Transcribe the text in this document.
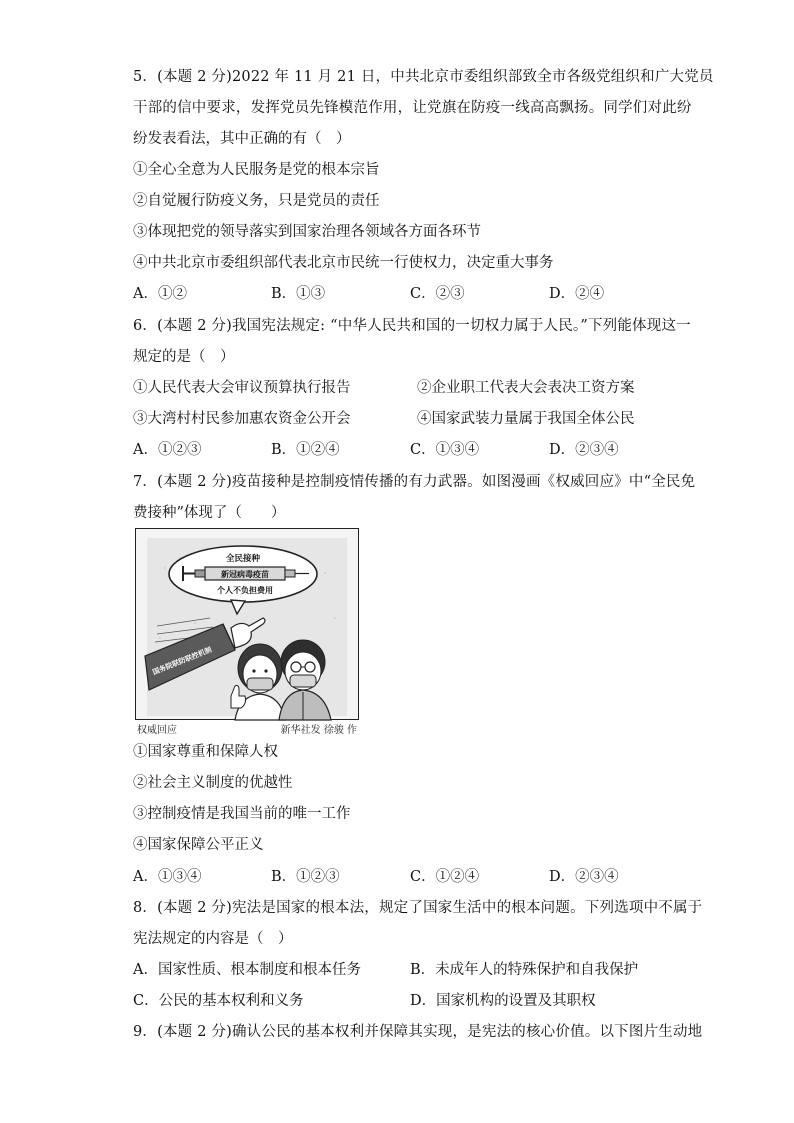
5．(本题 2 分)2022 年 11 月 21 日，中共北京市委组织部致全市各级党组织和广大党员
干部的信中要求，发挥党员先锋模范作用，让党旗在防疫一线高高飘扬。同学们对此纷
纷发表看法，其中正确的有（　）
①全心全意为人民服务是党的根本宗旨
②自觉履行防疫义务，只是党员的责任
③体现把党的领导落实到国家治理各领域各方面各环节
④中共北京市委组织部代表北京市民统一行使权力，决定重大事务
A．①②	B．①③	C．②③	D．②④
6．(本题 2 分)我国宪法规定: “中华人民共和国的一切权力属于人民。”下列能体现这一
规定的是（　）
①人民代表大会审议预算执行报告	②企业职工代表大会表决工资方案
③大湾村村民参加惠农资金公开会	④国家武装力量属于我国全体公民
A．①②③	B．①②④	C．①③④	D．②③④
7．(本题 2 分)疫苗接种是控制疫情传播的有力武器。如图漫画《权威回应》中“全民免
费接种”体现了（　　）
全民接种
新冠病毒疫苗
个人不负担费用
国务院联防联控机制
权威回应	新华社发 徐骏 作
①国家尊重和保障人权
②社会主义制度的优越性
③控制疫情是我国当前的唯一工作
④国家保障公平正义
A．①③④	B．①②③	C．①②④	D．②③④
8．(本题 2 分)宪法是国家的根本法，规定了国家生活中的根本问题。下列选项中不属于
宪法规定的内容是（　）
A．国家性质、根本制度和根本任务	B．未成年人的特殊保护和自我保护
C．公民的基本权利和义务	D．国家机构的设置及其职权
9．(本题 2 分)确认公民的基本权利并保障其实现，是宪法的核心价值。以下图片生动地
